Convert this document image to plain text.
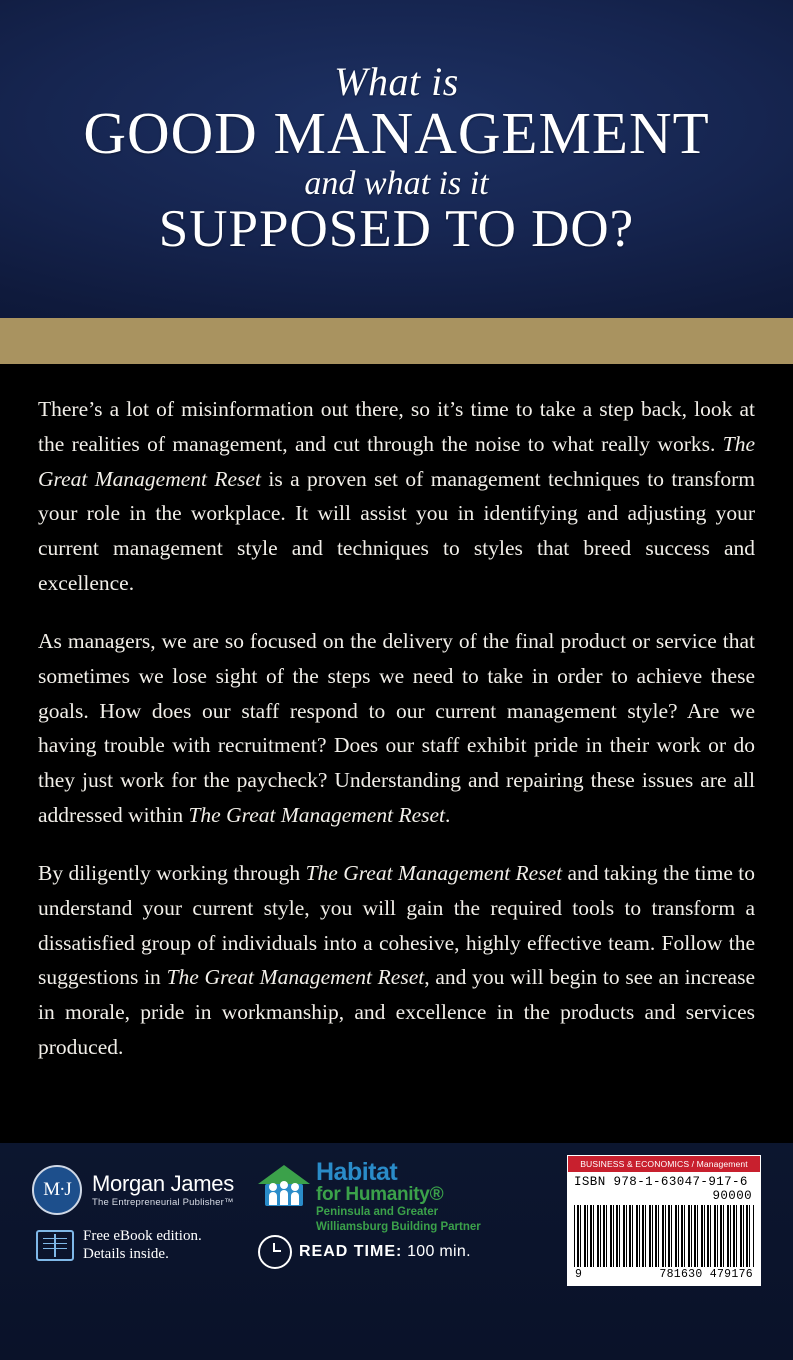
What is
GOOD MANAGEMENT
and what is it
SUPPOSED TO DO?

There’s a lot of misinformation out there, so it’s time to take a step back, look at the realities of management, and cut through the noise to what really works. The Great Management Reset is a proven set of management techniques to transform your role in the workplace. It will assist you in identifying and adjusting your current management style and techniques to styles that breed success and excellence.

As managers, we are so focused on the delivery of the final product or service that sometimes we lose sight of the steps we need to take in order to achieve these goals. How does our staff respond to our current management style? Are we having trouble with recruitment? Does our staff exhibit pride in their work or do they just work for the paycheck? Understanding and repairing these issues are all addressed within The Great Management Reset.

By diligently working through The Great Management Reset and taking the time to understand your current style, you will gain the required tools to transform a dissatisfied group of individuals into a cohesive, highly effective team. Follow the suggestions in The Great Management Reset, and you will begin to see an increase in morale, pride in workmanship, and excellence in the products and services produced.

M·J Morgan James
The Entrepreneurial Publisher™
Free eBook edition.
Details inside.
Habitat
for Humanity®
Peninsula and Greater
Williamsburg Building Partner
READ TIME: 100 min.
BUSINESS & ECONOMICS / Management
ISBN 978-1-63047-917-6
90000
9	781630 479176
